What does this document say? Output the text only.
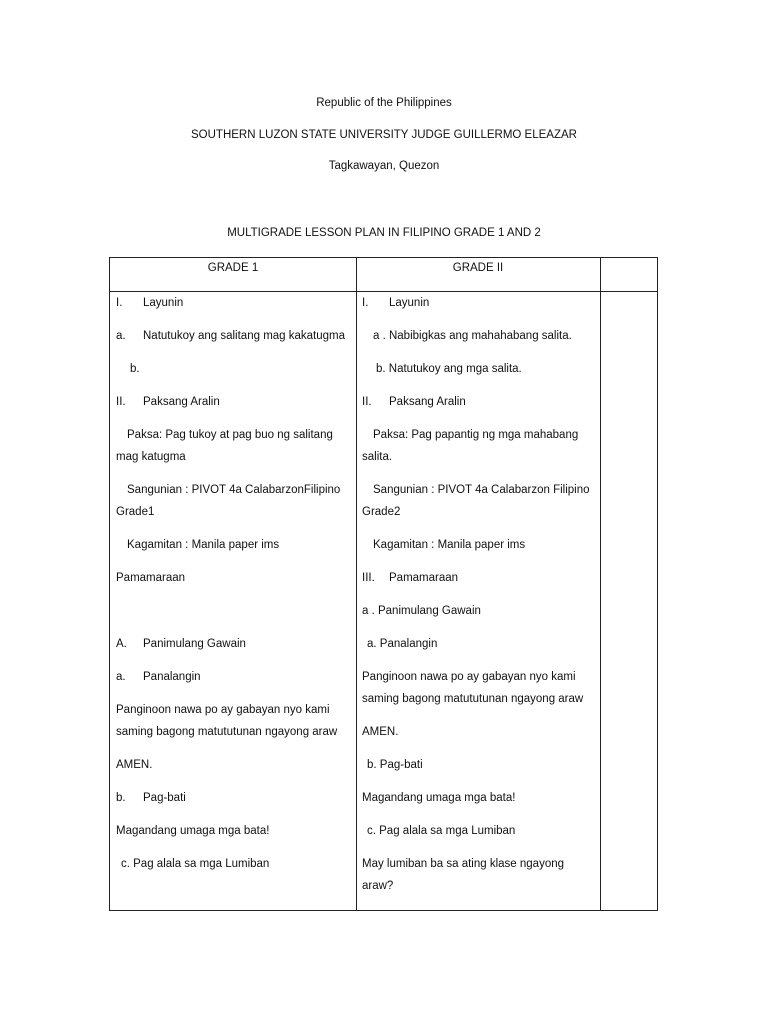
Republic of the Philippines
SOUTHERN LUZON STATE UNIVERSITY JUDGE GUILLERMO ELEAZAR
Tagkawayan, Quezon
MULTIGRADE LESSON PLAN IN FILIPINO GRADE 1 AND 2
GRADE 1	GRADE II
I. Layunin
a. Natutukoy ang salitang mag kakatugma
b.
II. Paksang Aralin
Paksa: Pag tukoy at pag buo ng salitang mag katugma
Sangunian : PIVOT 4a CalabarzonFilipino Grade1
Kagamitan : Manila paper ims
Pamamaraan
A. Panimulang Gawain
a. Panalangin
Panginoon nawa po ay gabayan nyo kami saming bagong matututunan ngayong araw
AMEN.
b. Pag-bati
Magandang umaga mga bata!
c. Pag alala sa mga Lumiban
I. Layunin
a . Nabibigkas ang mahahabang salita.
b. Natutukoy ang mga salita.
II. Paksang Aralin
Paksa: Pag papantig ng mga mahabang salita.
Sangunian : PIVOT 4a Calabarzon Filipino Grade2
Kagamitan : Manila paper ims
III. Pamamaraan
a . Panimulang Gawain
a. Panalangin
Panginoon nawa po ay gabayan nyo kami saming bagong matututunan ngayong araw
AMEN.
b. Pag-bati
Magandang umaga mga bata!
c. Pag alala sa mga Lumiban
May lumiban ba sa ating klase ngayong araw?
